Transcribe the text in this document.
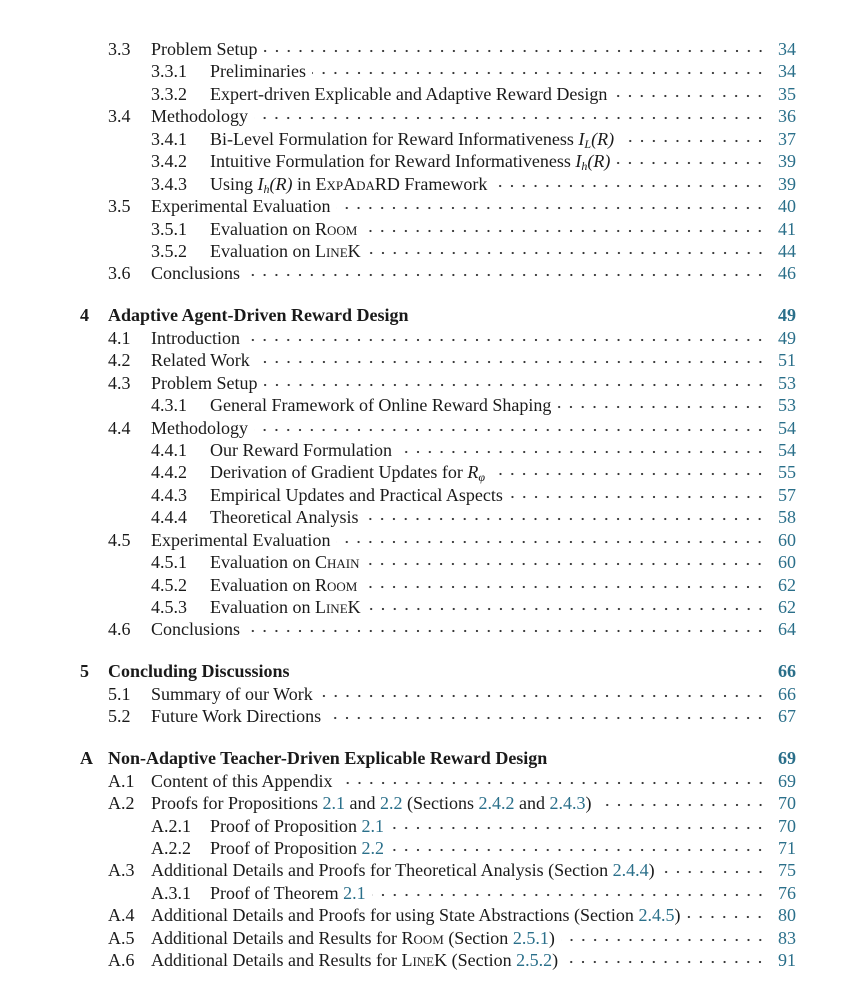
3.3	Problem Setup	34
3.3.1	Preliminaries	34
3.3.2	Expert-driven Explicable and Adaptive Reward Design	35
3.4	Methodology	36
3.4.1	Bi-Level Formulation for Reward Informativeness $I_L(R)$	37
3.4.2	Intuitive Formulation for Reward Informativeness $I_h(R)$	39
3.4.3	Using $I_h(R)$ in ExpAdaRD Framework	39
3.5	Experimental Evaluation	40
3.5.1	Evaluation on Room	41
3.5.2	Evaluation on LineK	44
3.6	Conclusions	46
4	Adaptive Agent-Driven Reward Design	49
4.1	Introduction	49
4.2	Related Work	51
4.3	Problem Setup	53
4.3.1	General Framework of Online Reward Shaping	53
4.4	Methodology	54
4.4.1	Our Reward Formulation	54
4.4.2	Derivation of Gradient Updates for $R_\varphi$	55
4.4.3	Empirical Updates and Practical Aspects	57
4.4.4	Theoretical Analysis	58
4.5	Experimental Evaluation	60
4.5.1	Evaluation on Chain	60
4.5.2	Evaluation on Room	62
4.5.3	Evaluation on LineK	62
4.6	Conclusions	64
5	Concluding Discussions	66
5.1	Summary of our Work	66
5.2	Future Work Directions	67
A Non-Adaptive Teacher-Driven Explicable Reward Design	69
A.1 Content of this Appendix	69
A.2 Proofs for Propositions 2.1 and 2.2 (Sections 2.4.2 and 2.4.3)	70
A.2.1	Proof of Proposition 2.1	70
A.2.2	Proof of Proposition 2.2	71
A.3 Additional Details and Proofs for Theoretical Analysis (Section 2.4.4)	75
A.3.1	Proof of Theorem 2.1	76
A.4 Additional Details and Proofs for using State Abstractions (Section 2.4.5)	80
A.5 Additional Details and Results for Room (Section 2.5.1)	83
A.6 Additional Details and Results for LineK (Section 2.5.2)	91
